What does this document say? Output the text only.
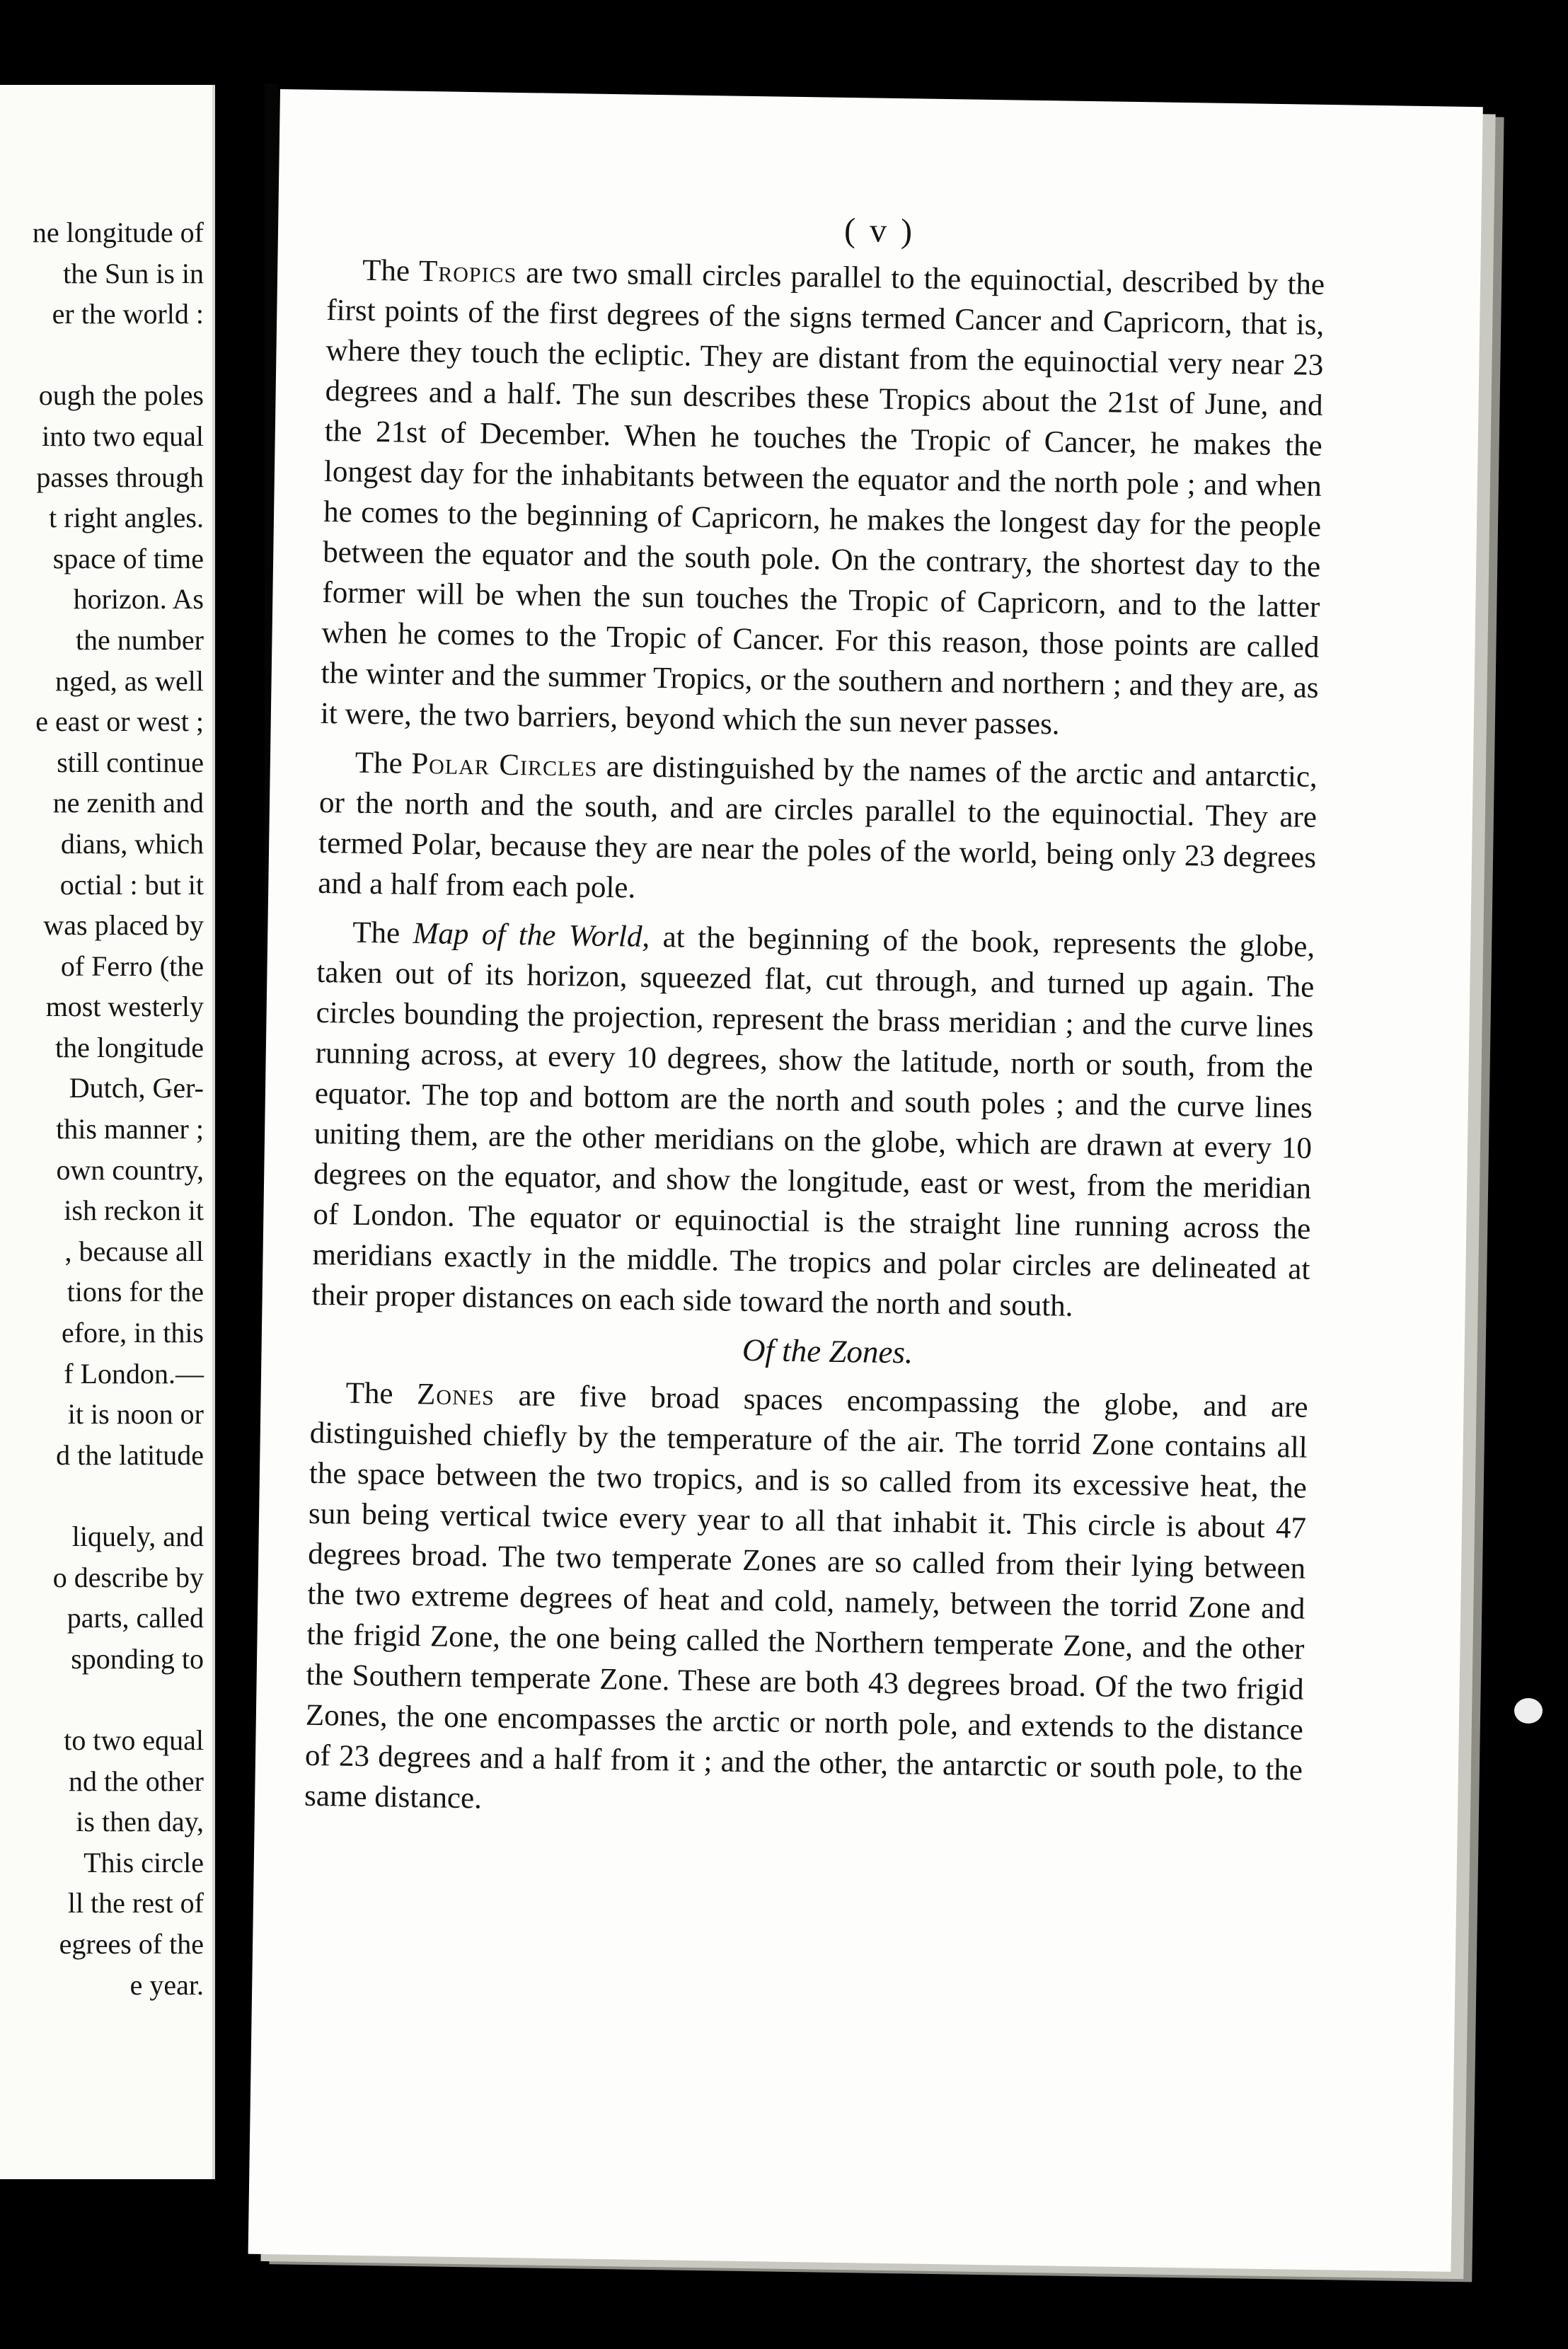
ne longitude of
the Sun is in
er the world :
ough the poles
into two equal
passes through
t right angles.
space of time
horizon. As
the number
nged, as well
e east or west ;
still continue
ne zenith and
dians, which
octial : but it
was placed by
of Ferro (the
most westerly
the longitude
Dutch, Ger-
this manner ;
own country,
ish reckon it
, because all
tions for the
efore, in this
f London.—
it is noon or
d the latitude
liquely, and
o describe by
parts, called
sponding to
to two equal
nd the other
is then day,
This circle
ll the rest of
egrees of the
e year.
( v )

The Tropics are two small circles parallel to the equinoctial, described by the first points of the first degrees of the signs termed Cancer and Capricorn, that is, where they touch the ecliptic. They are distant from the equinoctial very near 23 degrees and a half. The sun describes these Tropics about the 21st of June, and the 21st of December. When he touches the Tropic of Cancer, he makes the longest day for the inhabitants between the equator and the north pole ; and when he comes to the beginning of Capricorn, he makes the longest day for the people between the equator and the south pole. On the contrary, the shortest day to the former will be when the sun touches the Tropic of Capricorn, and to the latter when he comes to the Tropic of Cancer. For this reason, those points are called the winter and the summer Tropics, or the southern and northern ; and they are, as it were, the two barriers, beyond which the sun never passes.

The Polar Circles are distinguished by the names of the arctic and antarctic, or the north and the south, and are circles parallel to the equinoctial. They are termed Polar, because they are near the poles of the world, being only 23 degrees and a half from each pole.

The Map of the World, at the beginning of the book, represents the globe, taken out of its horizon, squeezed flat, cut through, and turned up again. The circles bounding the projection, represent the brass meridian ; and the curve lines running across, at every 10 degrees, show the latitude, north or south, from the equator. The top and bottom are the north and south poles ; and the curve lines uniting them, are the other meridians on the globe, which are drawn at every 10 degrees on the equator, and show the longitude, east or west, from the meridian of London. The equator or equinoctial is the straight line running across the meridians exactly in the middle. The tropics and polar circles are delineated at their proper distances on each side toward the north and south.

Of the Zones.

The Zones are five broad spaces encompassing the globe, and are distinguished chiefly by the temperature of the air. The torrid Zone contains all the space between the two tropics, and is so called from its excessive heat, the sun being vertical twice every year to all that inhabit it. This circle is about 47 degrees broad. The two temperate Zones are so called from their lying between the two extreme degrees of heat and cold, namely, between the torrid Zone and the frigid Zone, the one being called the Northern temperate Zone, and the other the Southern temperate Zone. These are both 43 degrees broad. Of the two frigid Zones, the one encompasses the arctic or north pole, and extends to the distance of 23 degrees and a half from it ; and the other, the antarctic or south pole, to the same distance.
